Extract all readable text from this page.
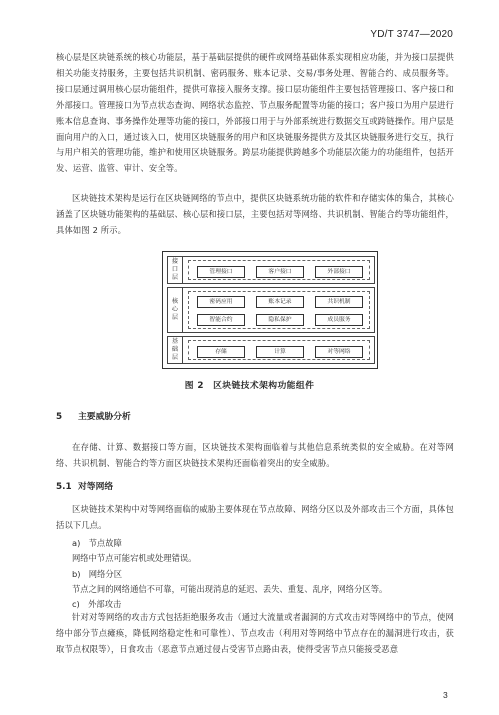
YD/T 3747—2020
核心层是区块链系统的核心功能层，基于基础层提供的硬件或网络基础体系实现相应功能，并为接口层提供相关功能支持服务，主要包括共识机制、密码服务、账本记录、交易/事务处理、智能合约、成员服务等。接口层通过调用核心层功能组件，提供可靠接入服务支撑。接口层功能组件主要包括管理接口、客户接口和外部接口。管理接口为节点状态查询、网络状态监控、节点服务配置等功能的接口；客户接口为用户层进行账本信息查询、事务操作处理等功能的接口，外部接口用于与外部系统进行数据交互或跨链操作。用户层是面向用户的入口，通过该入口，使用区块链服务的用户和区块链服务提供方及其区块链服务进行交互，执行与用户相关的管理功能，维护和使用区块链服务。跨层功能提供跨越多个功能层次能力的功能组件，包括开发、运营、监管、审计、安全等。
区块链技术架构是运行在区块链网络的节点中，提供区块链系统功能的软件和存储实体的集合，其核心涵盖了区块链功能架构的基础层、核心层和接口层，主要包括对等网络、共识机制、智能合约等功能组件，具体如图 2 所示。
接
口
层
管理接口	客户接口	外部接口
核
心
层
密码应用	账本记录	共识机制
智能合约	隐私保护	成员服务
基
础
层
存储	计算	对等网络
图 2　区块链技术架构功能组件
5 主要威胁分析
在存储、计算、数据接口等方面，区块链技术架构面临着与其他信息系统类似的安全威胁。在对等网络、共识机制、智能合约等方面区块链技术架构还面临着突出的安全威胁。
5.1 对等网络
区块链技术架构中对等网络面临的威胁主要体现在节点故障、网络分区以及外部攻击三个方面，具体包括以下几点。
a)　节点故障
网络中节点可能宕机或处理错误。
b)　网络分区
节点之间的网络通信不可靠，可能出现消息的延迟、丢失、重复、乱序，网络分区等。
c)　外部攻击
针对对等网络的攻击方式包括拒绝服务攻击（通过大流量或者漏洞的方式攻击对等网络中的节点，使网络中部分节点瘫痪，降低网络稳定性和可靠性）、节点攻击（利用对等网络中节点存在的漏洞进行攻击，获取节点权限等），日食攻击（恶意节点通过侵占受害节点路由表，使得受害节点只能接受恶意
3
